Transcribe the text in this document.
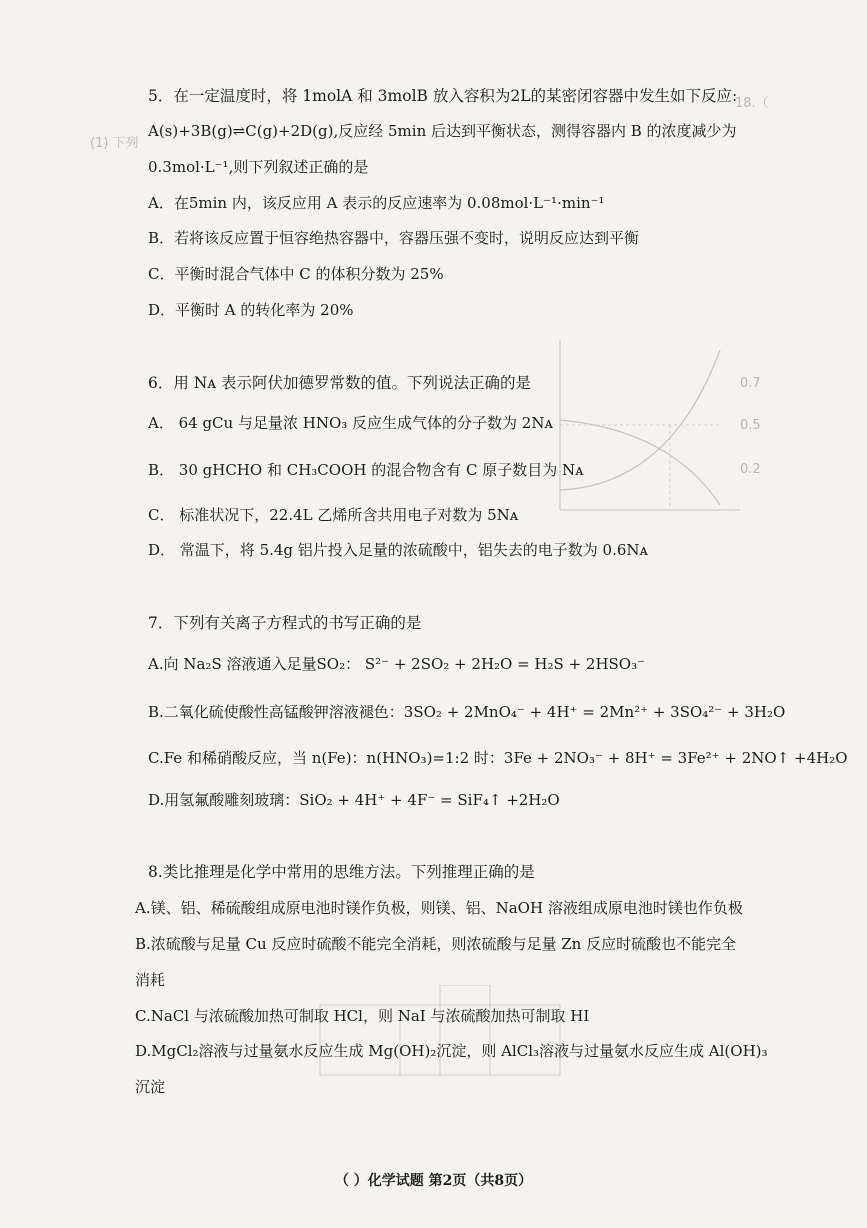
18.（
(1) 下列
0.7
0.5
0.2
5．在一定温度时，将 1molA 和 3molB 放入容积为2L的某密闭容器中发生如下反应:
A(s)+3B(g)⇌C(g)+2D(g),反应经 5min 后达到平衡状态，测得容器内 B 的浓度减少为
0.3mol·L⁻¹,则下列叙述正确的是
A．在5min 内，该反应用 A 表示的反应速率为 0.08mol·L⁻¹·min⁻¹
B．若将该反应置于恒容绝热容器中，容器压强不变时，说明反应达到平衡
C．平衡时混合气体中 C 的体积分数为 25%
D．平衡时 A 的转化率为 20%
6．用 Nᴀ 表示阿伏加德罗常数的值。下列说法正确的是
A． 64 gCu 与足量浓 HNO₃ 反应生成气体的分子数为 2Nᴀ
B． 30 gHCHO 和 CH₃COOH 的混合物含有 C 原子数目为 Nᴀ
C． 标准状况下，22.4L 乙烯所含共用电子对数为 5Nᴀ
D． 常温下，将 5.4g 铝片投入足量的浓硫酸中，铝失去的电子数为 0.6Nᴀ
7．下列有关离子方程式的书写正确的是
A.向 Na₂S 溶液通入足量SO₂： S²⁻ + 2SO₂ + 2H₂O = H₂S + 2HSO₃⁻
B.二氧化硫使酸性高锰酸钾溶液褪色：3SO₂ + 2MnO₄⁻ + 4H⁺ = 2Mn²⁺ + 3SO₄²⁻ + 3H₂O
C.Fe 和稀硝酸反应，当 n(Fe)：n(HNO₃)=1:2 时：3Fe + 2NO₃⁻ + 8H⁺ = 3Fe²⁺ + 2NO↑ +4H₂O
D.用氢氟酸雕刻玻璃：SiO₂ + 4H⁺ + 4F⁻ = SiF₄↑ +2H₂O
8.类比推理是化学中常用的思维方法。下列推理正确的是
A.镁、铝、稀硫酸组成原电池时镁作负极，则镁、铝、NaOH 溶液组成原电池时镁也作负极
B.浓硫酸与足量 Cu 反应时硫酸不能完全消耗，则浓硫酸与足量 Zn 反应时硫酸也不能完全
消耗
C.NaCl 与浓硫酸加热可制取 HCl，则 NaI 与浓硫酸加热可制取 HI
D.MgCl₂溶液与过量氨水反应生成 Mg(OH)₂沉淀，则 AlCl₃溶液与过量氨水反应生成 Al(OH)₃
沉淀
（ ）化学试题 第2页（共8页）
